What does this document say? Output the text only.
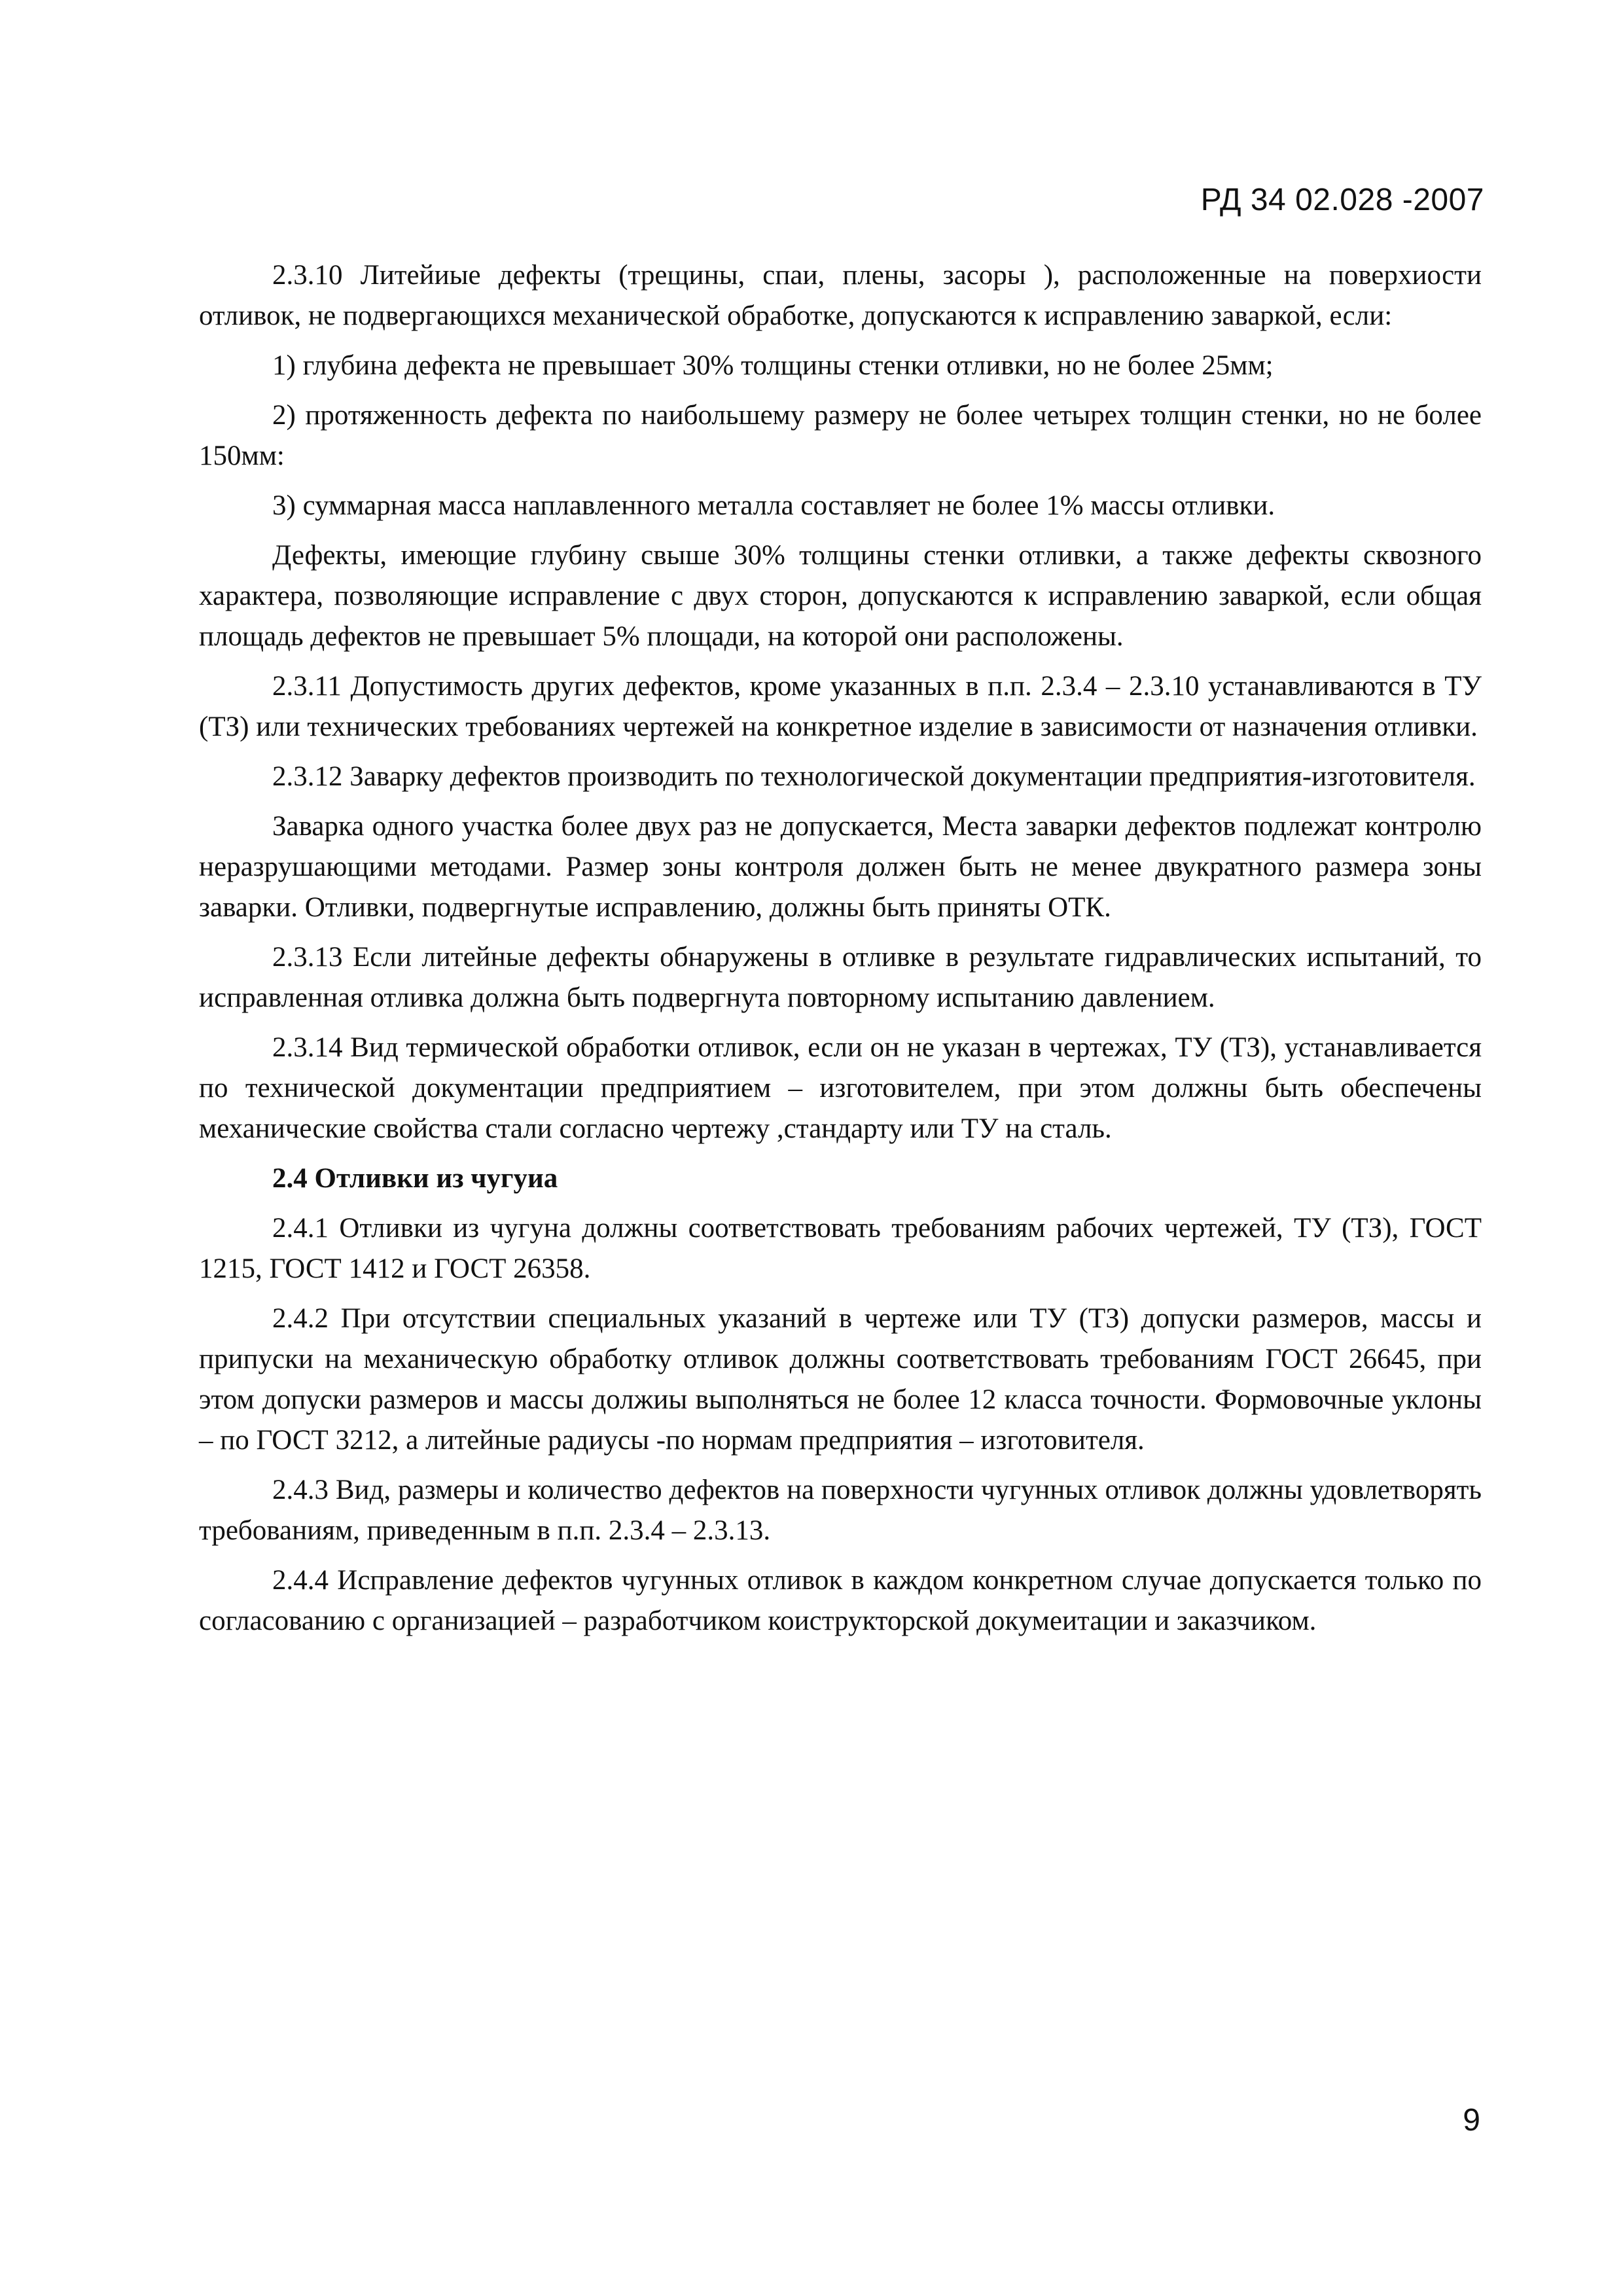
РД 34 02.028 -2007

2.3.10 Литейиые дефекты (трещины, спаи, плены, засоры ), расположенные на поверхиости отливок, не подвергающихся механической обработке, допускаются к исправлению заваркой, если:

1) глубина дефекта не превышает 30% толщины стенки отливки, но не более 25мм;

2) протяженность дефекта по наибольшему размеру не более четырех толщин стенки, но не более 150мм:

3) суммарная масса наплавленного металла составляет не более 1% массы отливки.

Дефекты, имеющие глубину свыше 30% толщины стенки отливки, а также дефекты сквозного характера, позволяющие исправление с двух сторон, допускаются к исправлению заваркой, если общая площадь дефектов не превышает 5% площади, на которой они расположены.

2.3.11 Допустимость других дефектов, кроме указанных в п.п. 2.3.4 – 2.3.10 устанавливаются в ТУ (ТЗ) или технических требованиях чертежей на конкретное изделие в зависимости от назначения отливки.

2.3.12 Заварку дефектов производить по технологической документации предприятия-изготовителя.

Заварка одного участка более двух раз не допускается, Места заварки дефектов подлежат контролю неразрушающими методами. Размер зоны контроля должен быть не менее двукратного размера зоны заварки. Отливки, подвергнутые исправлению, должны быть приняты ОТК.

2.3.13 Если литейные дефекты обнаружены в отливке в результате гидравлических испытаний, то исправленная отливка должна быть подвергнута повторному испытанию давлением.

2.3.14 Вид термической обработки отливок, если он не указан в чертежах, ТУ (ТЗ), устанавливается по технической документации предприятием – изготовителем, при этом должны быть обеспечены механические свойства стали согласно чертежу ,стандарту или ТУ на сталь.

2.4 Отливки из чугуиа

2.4.1 Отливки из чугуна должны соответствовать требованиям рабочих чертежей, ТУ (ТЗ), ГОСТ 1215, ГОСТ 1412 и ГОСТ 26358.

2.4.2 При отсутствии специальных указаний в чертеже или ТУ (ТЗ) допуски размеров, массы и припуски на механическую обработку отливок должны соответствовать требованиям ГОСТ 26645, при этом допуски размеров и массы должиы выполняться не более 12 класса точности. Формовочные уклоны – по ГОСТ 3212, а литейные радиусы -по нормам предприятия – изготовителя.

2.4.3 Вид, размеры и количество дефектов на поверхности чугунных отливок должны удовлетворять требованиям, приведенным в п.п. 2.3.4 – 2.3.13.

2.4.4 Исправление дефектов чугунных отливок в каждом конкретном случае допускается только по согласованию с организацией – разработчиком коиструкторской докумеитации и заказчиком.

9
